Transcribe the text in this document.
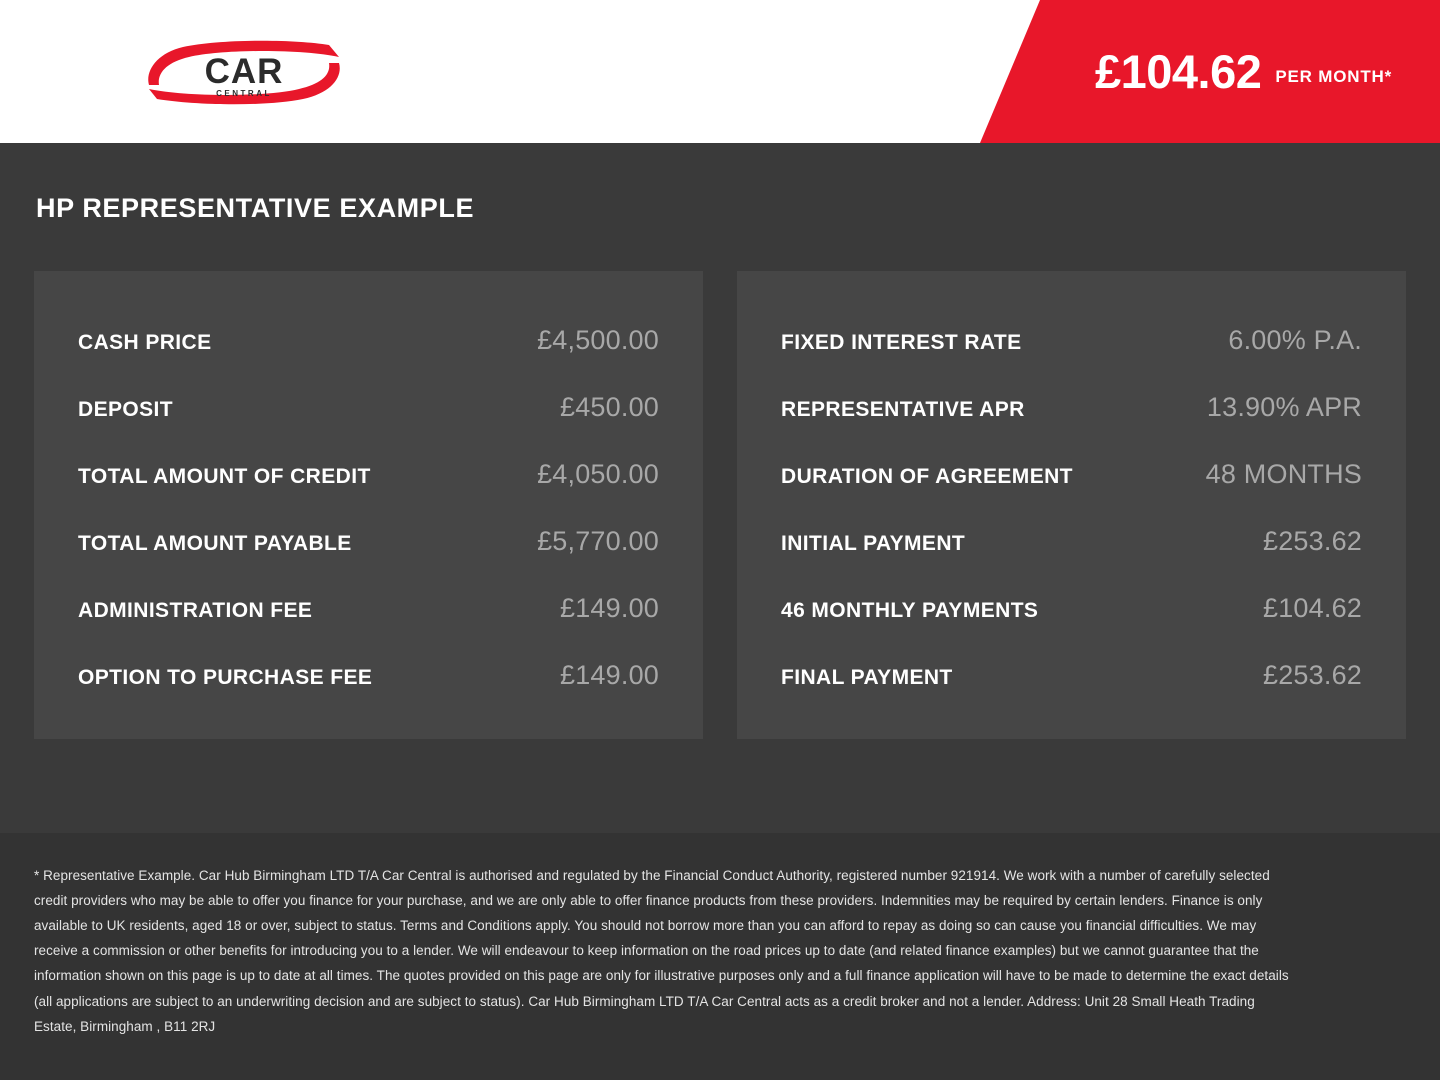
CAR
CENTRAL	£104.62 PER MONTH*
HP REPRESENTATIVE EXAMPLE
CASH PRICE	£4,500.00
DEPOSIT	£450.00
TOTAL AMOUNT OF CREDIT	£4,050.00
TOTAL AMOUNT PAYABLE	£5,770.00
ADMINISTRATION FEE	£149.00
OPTION TO PURCHASE FEE	£149.00
FIXED INTEREST RATE	6.00% P.A.
REPRESENTATIVE APR	13.90% APR
DURATION OF AGREEMENT	48 MONTHS
INITIAL PAYMENT	£253.62
46 MONTHLY PAYMENTS	£104.62
FINAL PAYMENT	£253.62

* Representative Example. Car Hub Birmingham LTD T/A Car Central is authorised and regulated by the Financial Conduct Authority, registered number 921914. We work with a number of carefully selected credit providers who may be able to offer you finance for your purchase, and we are only able to offer finance products from these providers. Indemnities may be required by certain lenders. Finance is only available to UK residents, aged 18 or over, subject to status. Terms and Conditions apply. You should not borrow more than you can afford to repay as doing so can cause you financial difficulties. We may receive a commission or other benefits for introducing you to a lender. We will endeavour to keep information on the road prices up to date (and related finance examples) but we cannot guarantee that the information shown on this page is up to date at all times. The quotes provided on this page are only for illustrative purposes only and a full finance application will have to be made to determine the exact details (all applications are subject to an underwriting decision and are subject to status). Car Hub Birmingham LTD T/A Car Central acts as a credit broker and not a lender. Address: Unit 28 Small Heath Trading Estate, Birmingham , B11 2RJ
